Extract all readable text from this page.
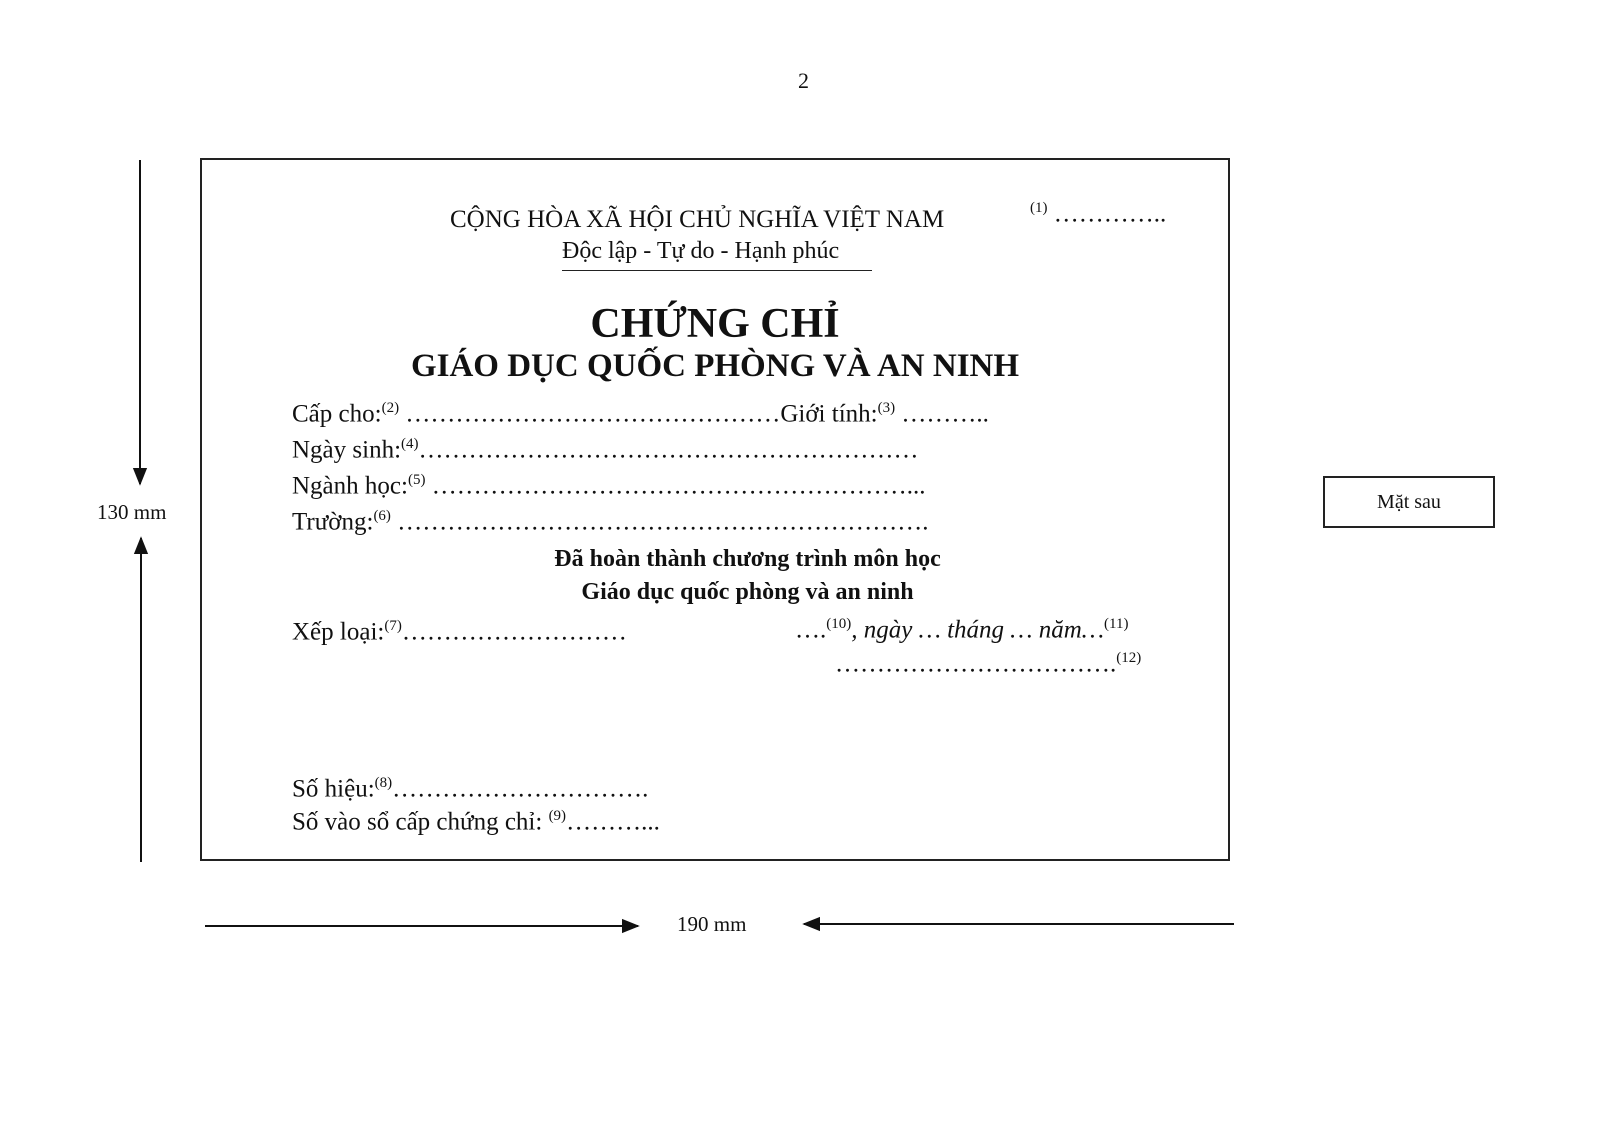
2
CỘNG HÒA XÃ HỘI CHỦ NGHĨA VIỆT NAM	$^{(1)}$ …………..
Độc lập - Tự do - Hạnh phúc
CHỨNG CHỈ
GIÁO DỤC QUỐC PHÒNG VÀ AN NINH
Cấp cho:$^{(2)}$ ………………………………………Giới tính:$^{(3)}$ ………..
Ngày sinh:$^{(4)}$……………………………………………………
Ngành học:$^{(5)}$ …………………………………………………...
Trường:$^{(6)}$ ……………………………………………………….
Đã hoàn thành chương trình môn học
Giáo dục quốc phòng và an ninh
Xếp loại:$^{(7)}$………………………	….$^{(10)}$, ngày … tháng … năm…$^{(11)}$
…………………………….$^{(12)}$
Số hiệu:$^{(8)}$………………………….
Số vào sổ cấp chứng chỉ: $^{(9)}$………...
130 mm
190 mm
Mặt sau
